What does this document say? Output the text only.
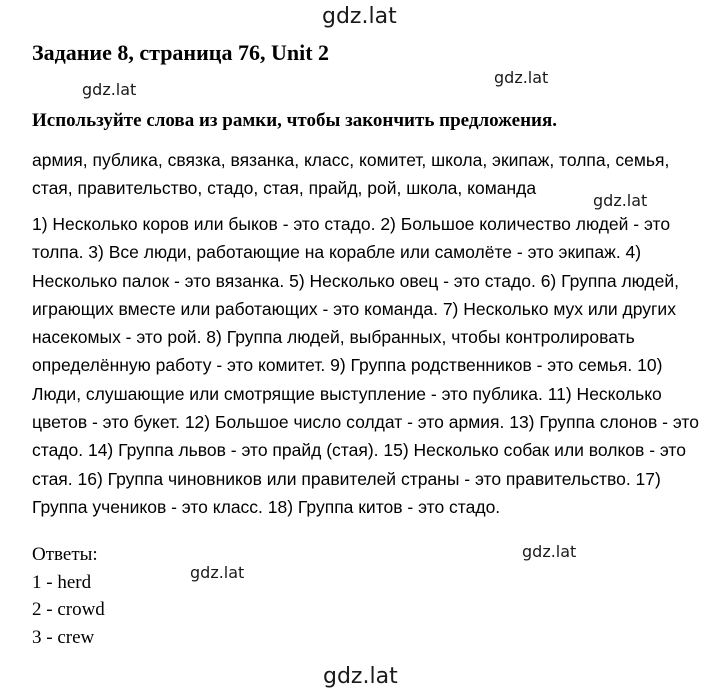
gdz.lat
gdz.lat
gdz.lat
gdz.lat
gdz.lat
gdz.lat
gdz.lat
Задание 8, страница 76, Unit 2

Используйте слова из рамки, чтобы закончить предложения.

армия, публика, связка, вязанка, класс, комитет, школа, экипаж, толпа, семья, стая, правительство, стадо, стая, прайд, рой, школа, команда

1) Несколько коров или быков - это стадо. 2) Большое количество людей - это толпа. 3) Все люди, работающие на корабле или самолёте - это экипаж. 4) Несколько палок - это вязанка. 5) Несколько овец - это стадо. 6) Группа людей, играющих вместе или работающих - это команда. 7) Несколько мух или других насекомых - это рой. 8) Группа людей, выбранных, чтобы контролировать определённую работу - это комитет. 9) Группа родственников - это семья. 10) Люди, слушающие или смотрящие выступление - это публика. 11) Несколько цветов - это букет. 12) Большое число солдат - это армия. 13) Группа слонов - это стадо. 14) Группа львов - это прайд (стая). 15) Несколько собак или волков - это стая. 16) Группа чиновников или правителей страны - это правительство. 17) Группа учеников - это класс. 18) Группа китов - это стадо.

Ответы:
1 - herd
2 - crowd
3 - crew
